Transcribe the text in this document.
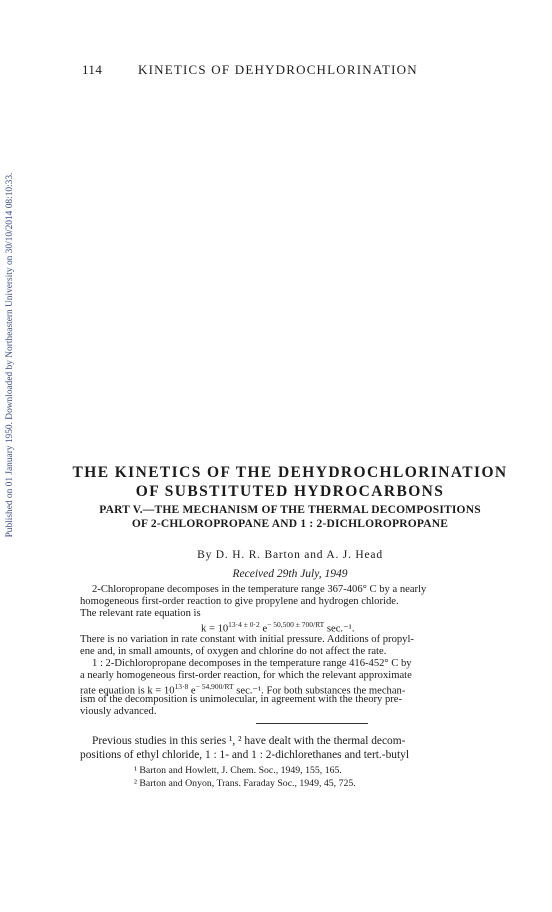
Published on 01 January 1950. Downloaded by Northeastern University on 30/10/2014 08:10:33.
114	KINETICS OF DEHYDROCHLORINATION
THE KINETICS OF THE DEHYDROCHLORINATION
OF SUBSTITUTED HYDROCARBONS
PART V.—THE MECHANISM OF THE THERMAL DECOMPOSITIONS
OF 2-CHLOROPROPANE AND 1 : 2-DICHLOROPROPANE
By D. H. R. Barton and A. J. Head
Received 29th July, 1949
2-Chloropropane decomposes in the temperature range 367-406° C by a nearly
homogeneous first-order reaction to give propylene and hydrogen chloride.
The relevant rate equation is
$k = 10^{13\cdot 4 \pm 0\cdot 2}$ $e^{- 50,500 \pm 700/RT}$ sec.⁻¹.
There is no variation in rate constant with initial pressure. Additions of propyl-
ene and, in small amounts, of oxygen and chlorine do not affect the rate.
1 : 2-Dichloropropane decomposes in the temperature range 416-452° C by
a nearly homogeneous first-order reaction, for which the relevant approximate
rate equation is $k = 10^{13\cdot 8}$ $e^{- 54,900/RT}$ sec.⁻¹. For both substances the mechan-
ism of the decomposition is unimolecular, in agreement with the theory pre-
viously advanced.
Previous studies in this series ¹, ² have dealt with the thermal decom-
positions of ethyl chloride, 1 : 1- and 1 : 2-dichlorethanes and tert.-butyl
¹ Barton and Howlett, J. Chem. Soc., 1949, 155, 165.
² Barton and Onyon, Trans. Faraday Soc., 1949, 45, 725.
